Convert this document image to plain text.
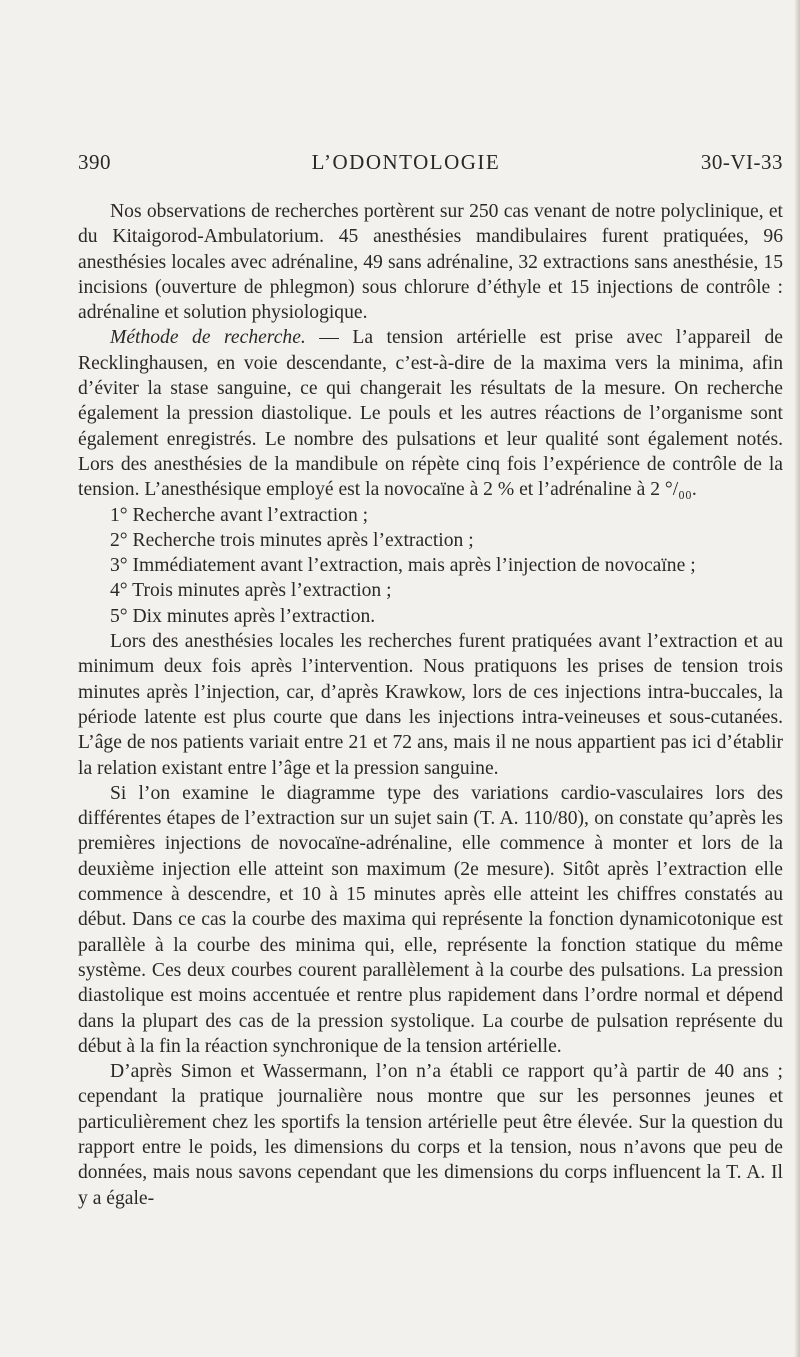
390	L’ODONTOLOGIE	30-VI-33

Nos observations de recherches portèrent sur 250 cas venant de notre polyclinique, et du Kitaigorod-Ambulatorium. 45 anesthésies mandibulaires furent pratiquées, 96 anesthésies locales avec adrénaline, 49 sans adrénaline, 32 extractions sans anesthésie, 15 incisions (ouverture de phlegmon) sous chlorure d’éthyle et 15 injections de contrôle : adrénaline et solution physiologique.

Méthode de recherche. — La tension artérielle est prise avec l’appareil de Recklinghausen, en voie descendante, c’est-à-dire de la maxima vers la minima, afin d’éviter la stase sanguine, ce qui changerait les résultats de la mesure. On recherche également la pression diastolique. Le pouls et les autres réactions de l’organisme sont également enregistrés. Le nombre des pulsations et leur qualité sont également notés. Lors des anesthésies de la mandibule on répète cinq fois l’expérience de contrôle de la tension. L’anesthésique employé est la novocaïne à 2 % et l’adrénaline à 2 °/₀₀.

1° Recherche avant l’extraction ;

2° Recherche trois minutes après l’extraction ;

3° Immédiatement avant l’extraction, mais après l’injection de novocaïne ;

4° Trois minutes après l’extraction ;

5° Dix minutes après l’extraction.

Lors des anesthésies locales les recherches furent pratiquées avant l’extraction et au minimum deux fois après l’intervention. Nous pratiquons les prises de tension trois minutes après l’injection, car, d’après Krawkow, lors de ces injections intra-buccales, la période latente est plus courte que dans les injections intra-veineuses et sous-cutanées. L’âge de nos patients variait entre 21 et 72 ans, mais il ne nous appartient pas ici d’établir la relation existant entre l’âge et la pression sanguine.

Si l’on examine le diagramme type des variations cardio-vasculaires lors des différentes étapes de l’extraction sur un sujet sain (T. A. 110/80), on constate qu’après les premières injections de novocaïne-adrénaline, elle commence à monter et lors de la deuxième injection elle atteint son maximum (2e mesure). Sitôt après l’extraction elle commence à descendre, et 10 à 15 minutes après elle atteint les chiffres constatés au début. Dans ce cas la courbe des maxima qui représente la fonction dynamicotonique est parallèle à la courbe des minima qui, elle, représente la fonction statique du même système. Ces deux courbes courent parallèlement à la courbe des pulsations. La pression diastolique est moins accentuée et rentre plus rapidement dans l’ordre normal et dépend dans la plupart des cas de la pression systolique. La courbe de pulsation représente du début à la fin la réaction synchronique de la tension artérielle.

D’après Simon et Wassermann, l’on n’a établi ce rapport qu’à partir de 40 ans ; cependant la pratique journalière nous montre que sur les personnes jeunes et particulièrement chez les sportifs la tension artérielle peut être élevée. Sur la question du rapport entre le poids, les dimensions du corps et la tension, nous n’avons que peu de données, mais nous savons cependant que les dimensions du corps influencent la T. A. Il y a égale-
